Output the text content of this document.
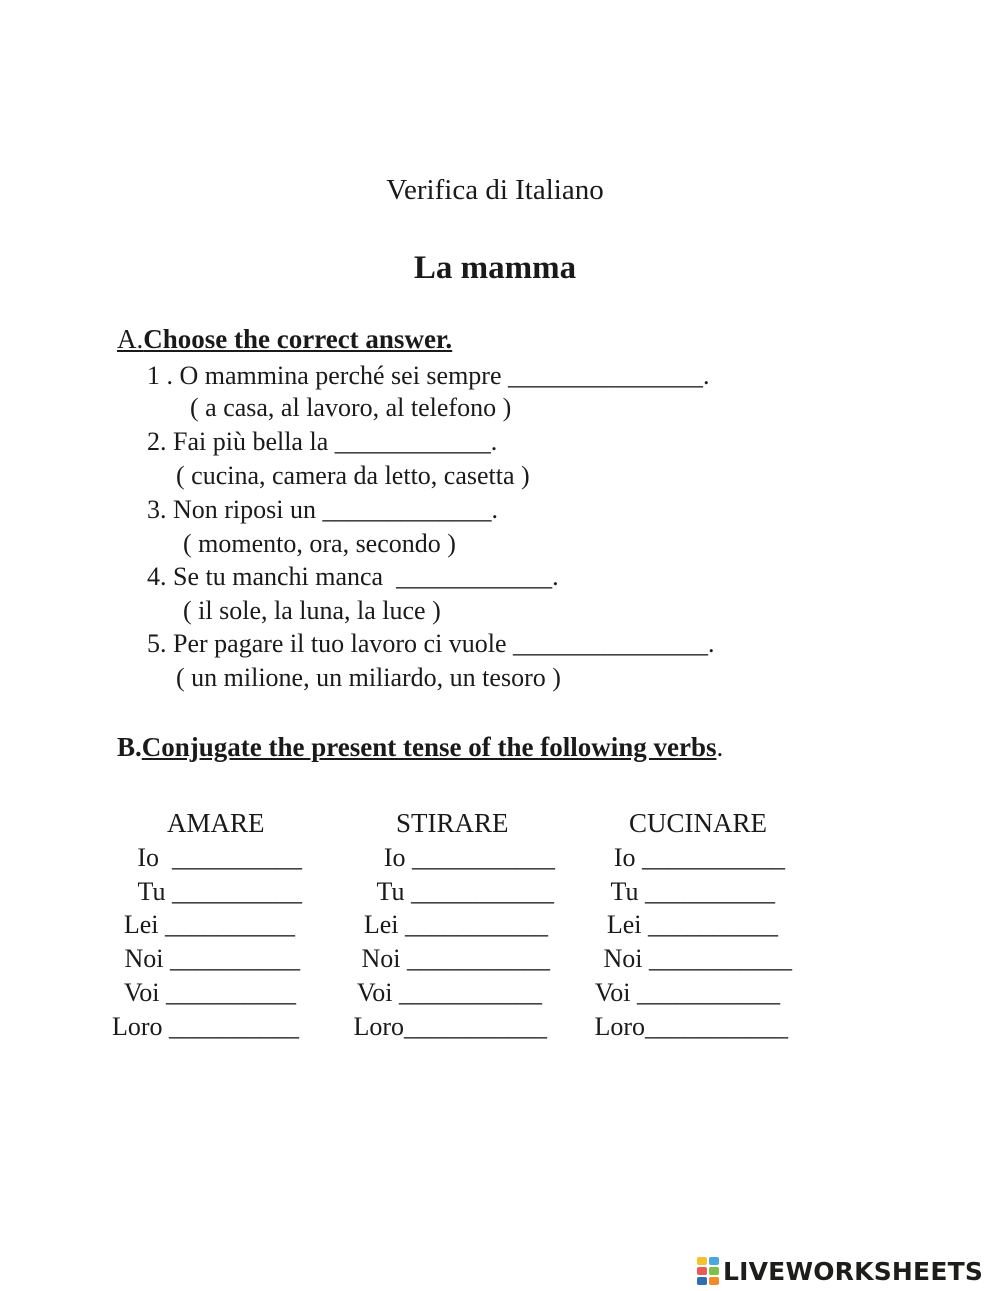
Verifica di Italiano
La mamma
A.Choose the correct answer.
1 . O mammina perché sei sempre _______________.
( a casa, al lavoro, al telefono )
2. Fai più bella la ____________.
( cucina, camera da letto, casetta )
3. Non riposi un _____________.
( momento, ora, secondo )
4. Se tu manchi manca  ____________.
( il sole, la luna, la luce )
5. Per pagare il tuo lavoro ci vuole _______________.
( un milione, un miliardo, un tesoro )
B.Conjugate the present tense of the following verbs.
AMARE	STIRARE	CUCINARE
Io  __________
Tu __________
Lei __________
Noi __________
Voi __________
Loro __________
Io ___________
Tu ___________
Lei ___________
Noi ___________
Voi ___________
Loro___________
Io ___________
Tu __________
Lei __________
Noi ___________
Voi ___________
Loro___________
LIVEWORKSHEETS
